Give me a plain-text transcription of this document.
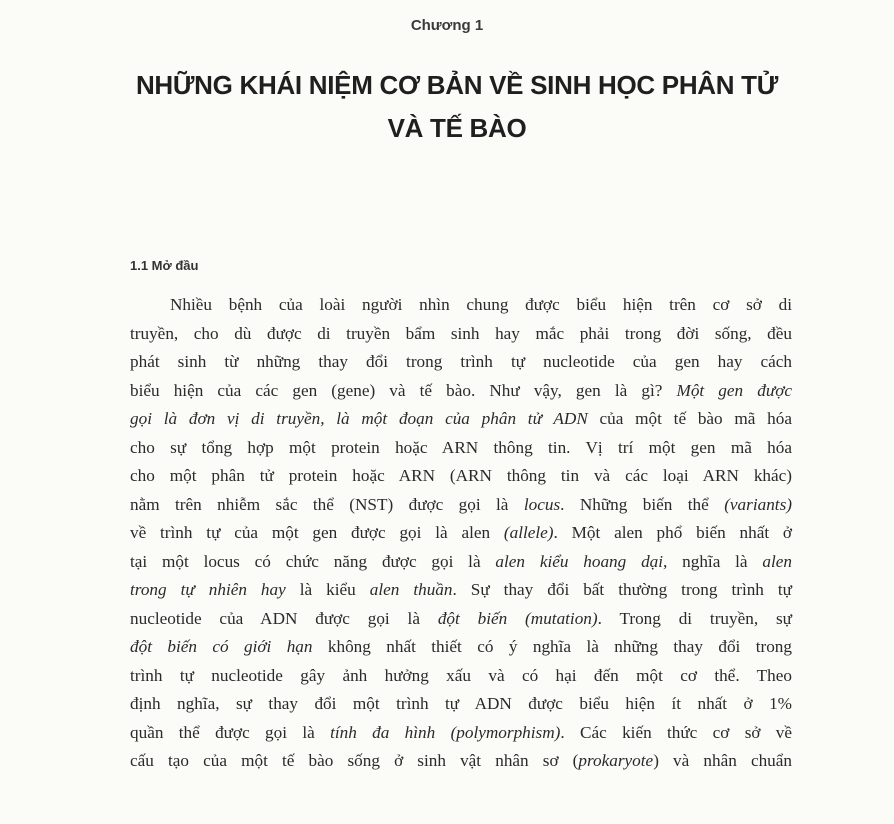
Chương 1
NHỮNG KHÁI NIỆM CƠ BẢN VỀ SINH HỌC PHÂN TỬ
VÀ TẾ BÀO
1.1 Mở đầu
Nhiều bệnh của loài người nhìn chung được biểu hiện trên cơ sở di
truyền, cho dù được di truyền bẩm sinh hay mắc phải trong đời sống, đều
phát sinh từ những thay đổi trong trình tự nucleotide của gen hay cách
biểu hiện của các gen (gene) và tế bào. Như vậy, gen là gì? Một gen được
gọi là đơn vị di truyền, là một đoạn của phân tử ADN của một tế bào mã hóa
cho sự tổng hợp một protein hoặc ARN thông tin. Vị trí một gen mã hóa
cho một phân tử protein hoặc ARN (ARN thông tin và các loại ARN khác)
nằm trên nhiễm sắc thể (NST) được gọi là locus. Những biến thể (variants)
về trình tự của một gen được gọi là alen (allele). Một alen phổ biến nhất ở
tại một locus có chức năng được gọi là alen kiểu hoang dại, nghĩa là alen
trong tự nhiên hay là kiểu alen thuần. Sự thay đổi bất thường trong trình tự
nucleotide của ADN được gọi là đột biến (mutation). Trong di truyền, sự
đột biến có giới hạn không nhất thiết có ý nghĩa là những thay đổi trong
trình tự nucleotide gây ảnh hưởng xấu và có hại đến một cơ thể. Theo
định nghĩa, sự thay đổi một trình tự ADN được biểu hiện ít nhất ở 1%
quần thể được gọi là tính đa hình (polymorphism). Các kiến thức cơ sở về
cấu tạo của một tế bào sống ở sinh vật nhân sơ (prokaryote) và nhân chuẩn
